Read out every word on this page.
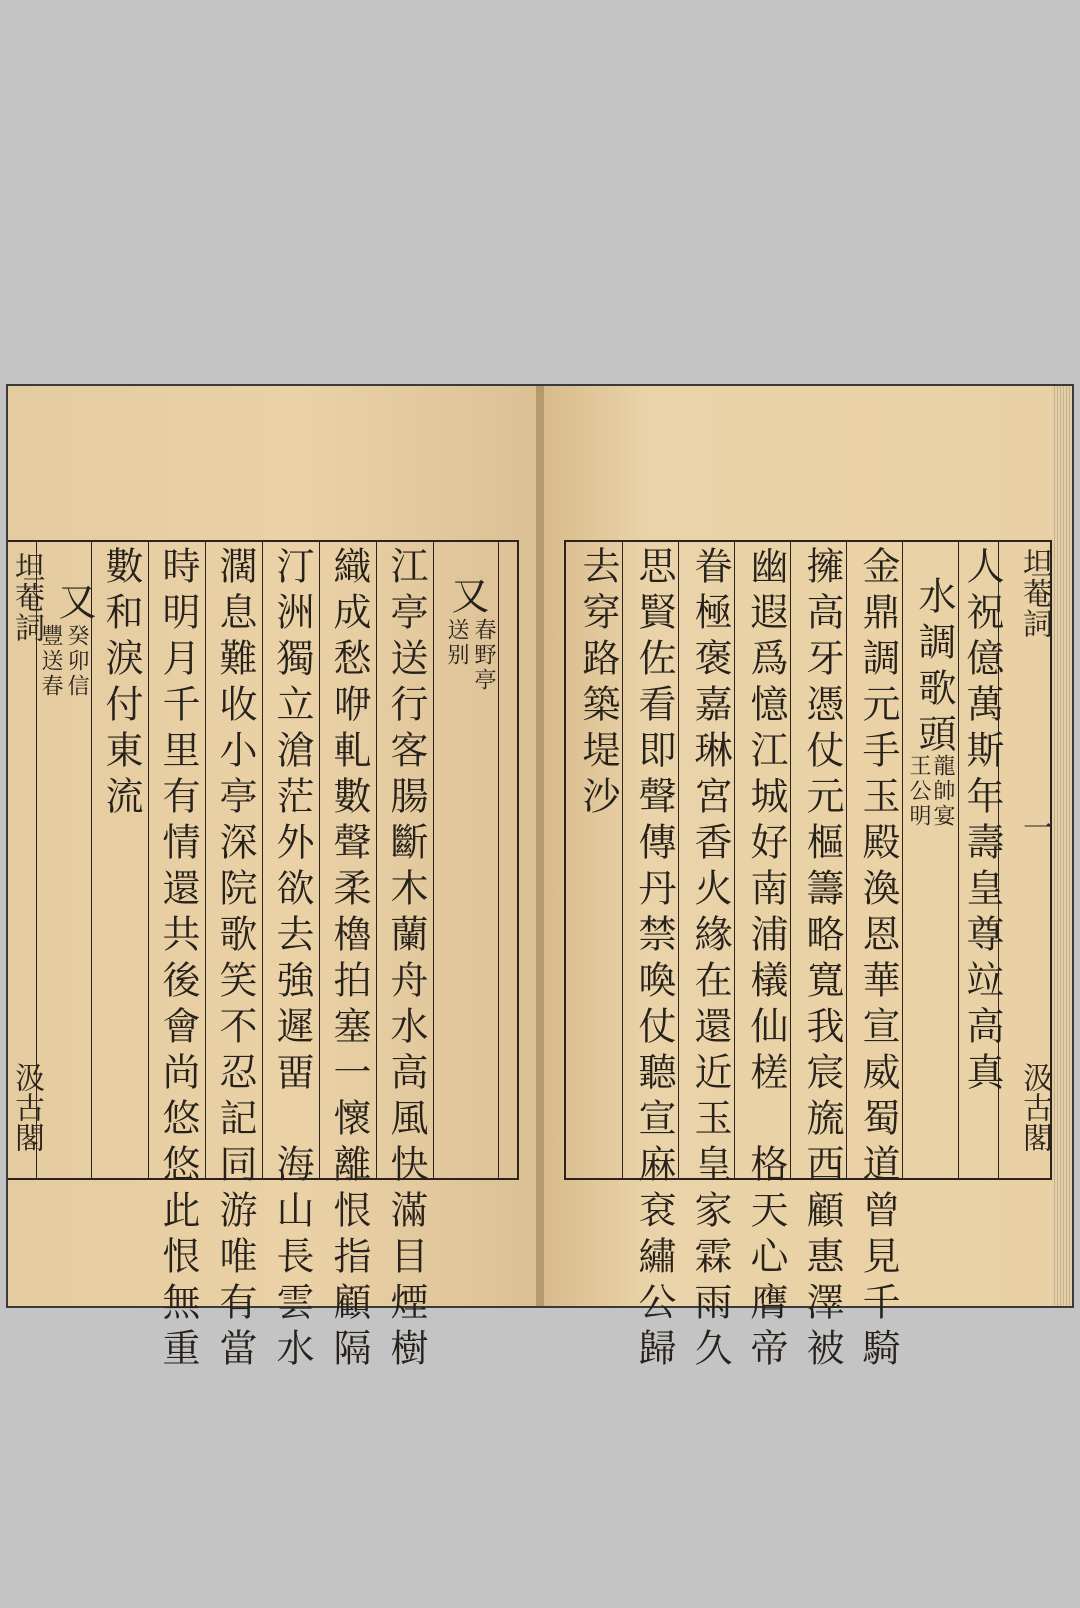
又
春野亭
送别
江亭送行客腸斷木蘭舟水高風快滿目煙樹
織成愁咿軋數聲柔櫓拍塞一懷離恨指顧隔
汀洲獨立滄茫外欲去強遲畱　海山長雲水
濶息難收小亭深院歌笑不忍記同游唯有當
時明月千里有情還共後會尚悠悠此恨無重
數和淚付東流
又
癸卯信
豐送春
坦菴詞
汲古閣
人祝億萬斯年壽皇尊竝高真
水調歌頭
龍帥宴
王公明
金鼎調元手玉殿渙恩華宣威蜀道曾見千騎
擁高牙憑仗元樞籌略寬我宸旒西顧惠澤被
幽遐爲憶江城好南浦檥仙槎　格天心膺帝
眷極褒嘉琳宮香火緣在還近玉皇家霖雨久
思賢佐看即聲傳丹禁喚仗聽宣麻袞繡公歸
去穿路築堤沙	坦菴詞
一
汲古閣
